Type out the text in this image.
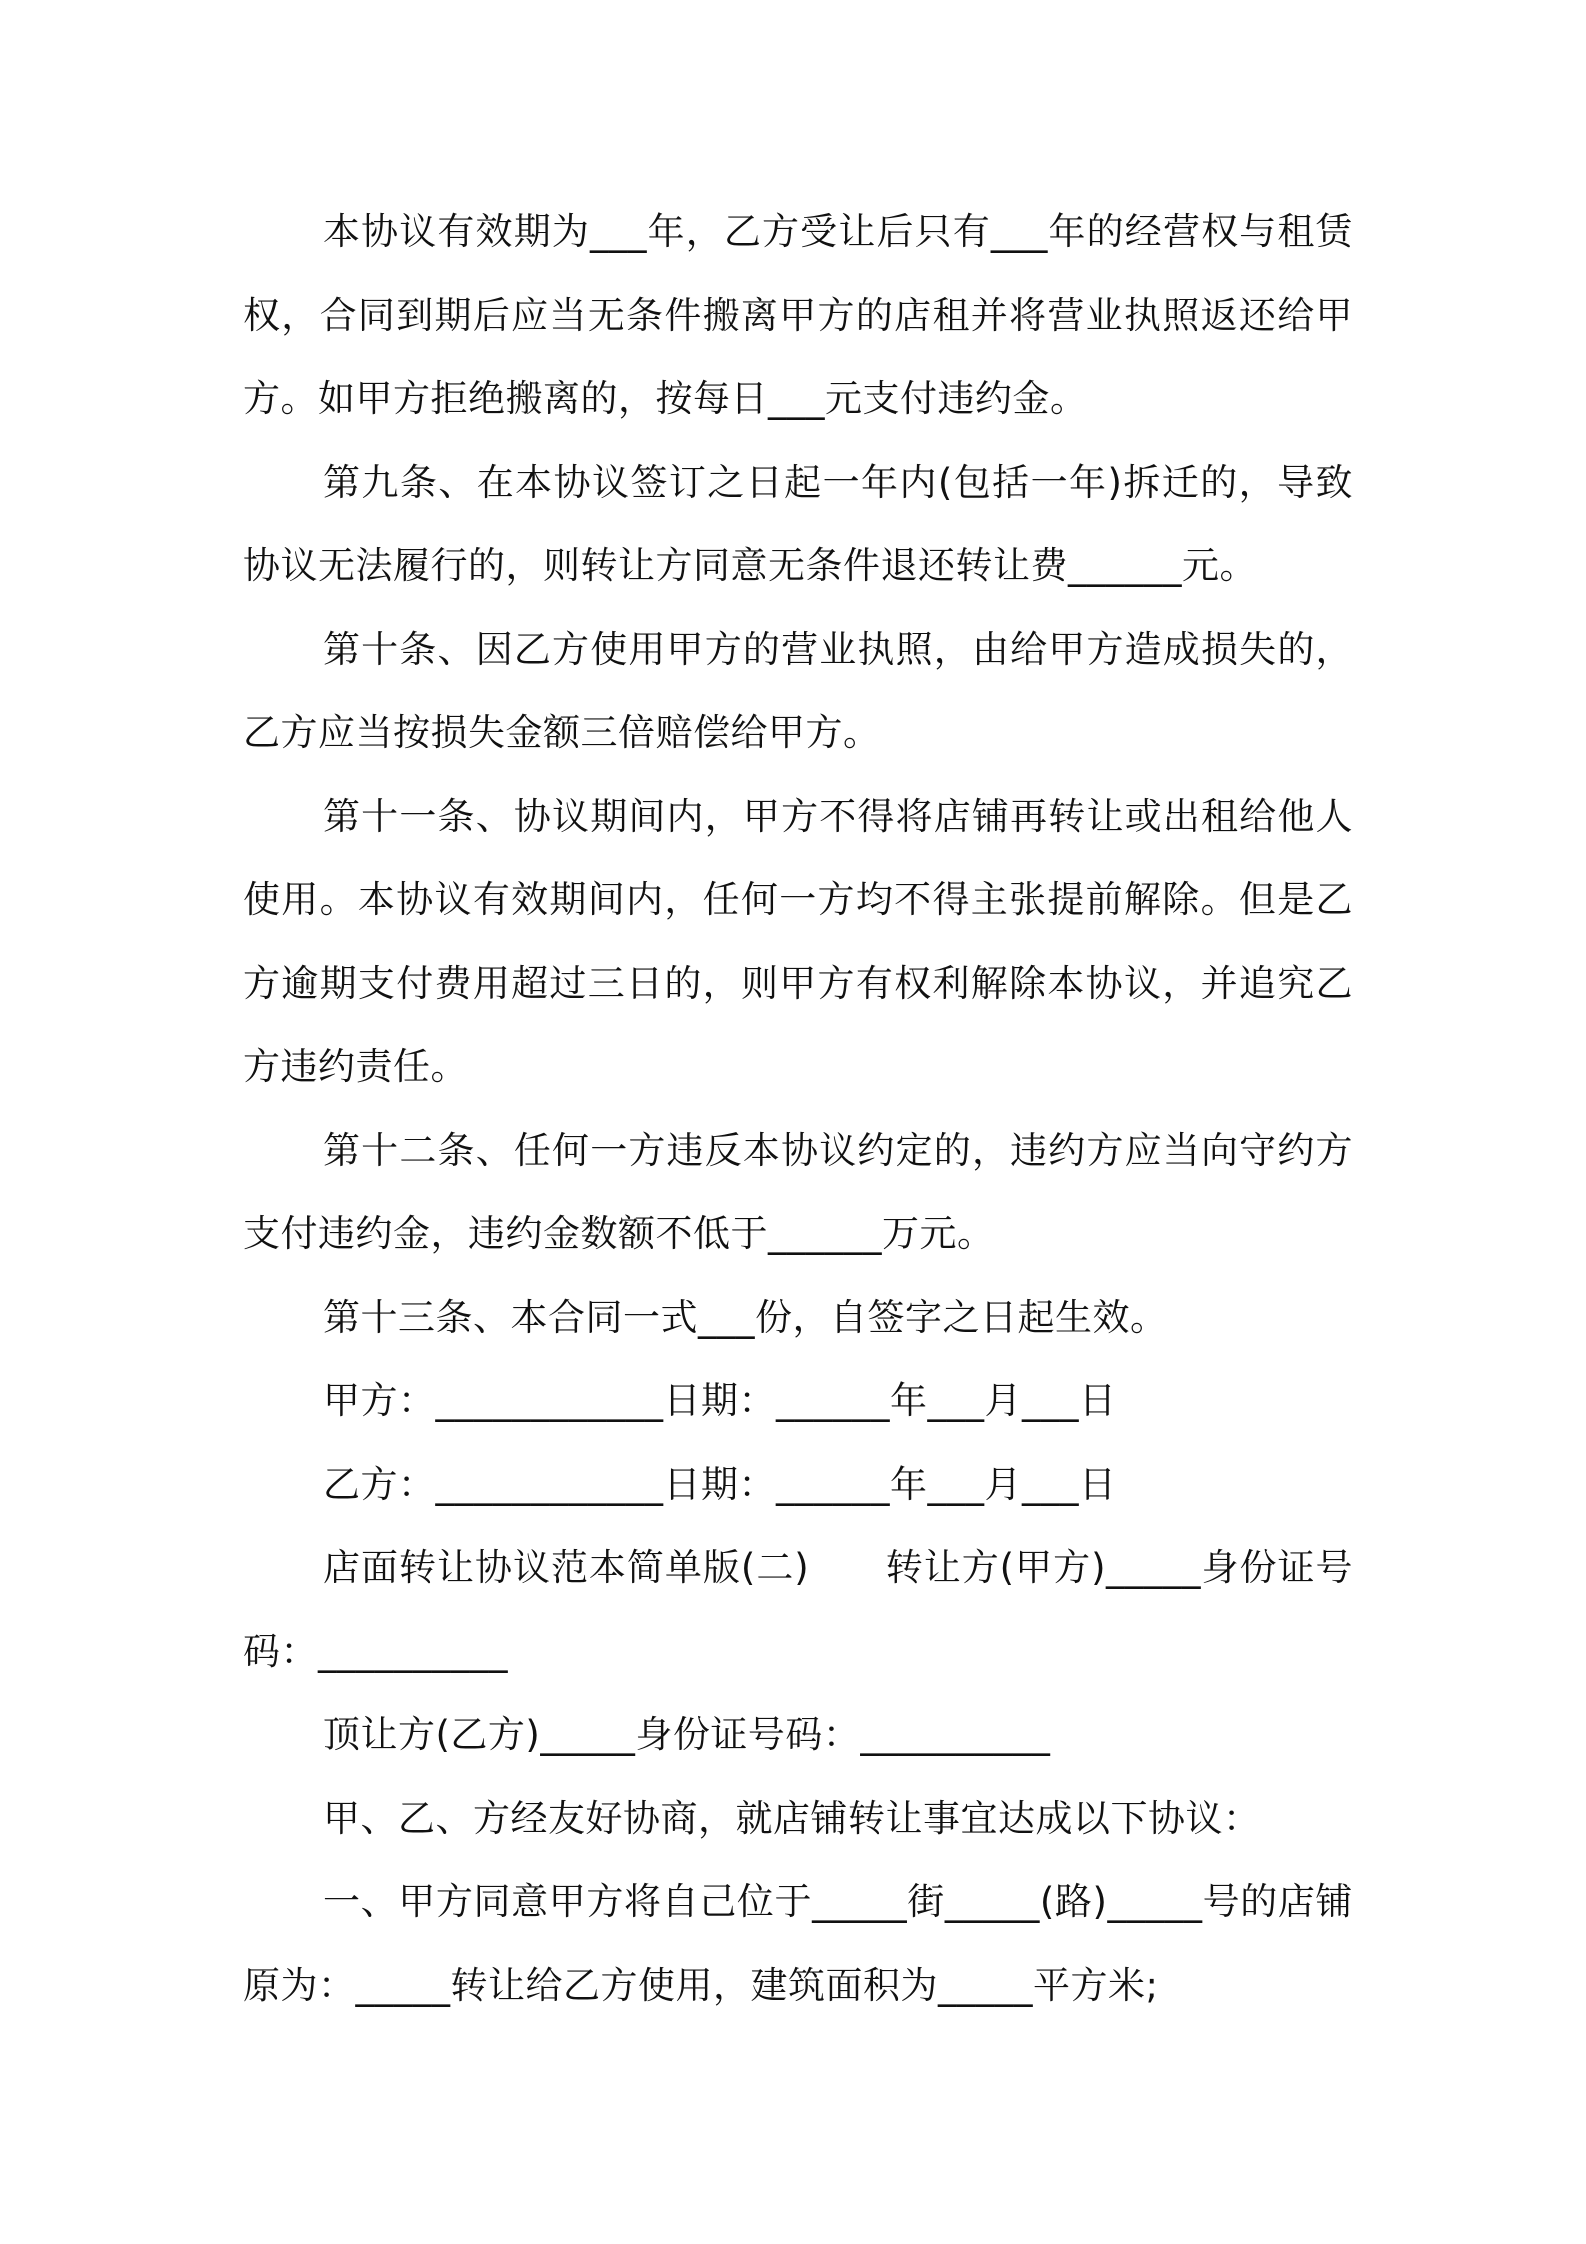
本协议有效期为___年，乙方受让后只有___年的经营权与租赁权，合同到期后应当无条件搬离甲方的店租并将营业执照返还给甲方。如甲方拒绝搬离的，按每日___元支付违约金。

第九条、在本协议签订之日起一年内(包括一年)拆迁的，导致协议无法履行的，则转让方同意无条件退还转让费______元。

第十条、因乙方使用甲方的营业执照，由给甲方造成损失的，乙方应当按损失金额三倍赔偿给甲方。

第十一条、协议期间内，甲方不得将店铺再转让或出租给他人使用。本协议有效期间内，任何一方均不得主张提前解除。但是乙方逾期支付费用超过三日的，则甲方有权利解除本协议，并追究乙方违约责任。

第十二条、任何一方违反本协议约定的，违约方应当向守约方支付违约金，违约金数额不低于______万元。

第十三条、本合同一式___份，自签字之日起生效。

甲方：____________日期：______年___月___日

乙方：____________日期：______年___月___日

店面转让协议范本简单版(二)　　转让方(甲方)_____身份证号码：__________

顶让方(乙方)_____身份证号码：__________

甲、乙、方经友好协商，就店铺转让事宜达成以下协议：

一、甲方同意甲方将自己位于_____街_____(路)_____号的店铺原为：_____转让给乙方使用，建筑面积为_____平方米;
